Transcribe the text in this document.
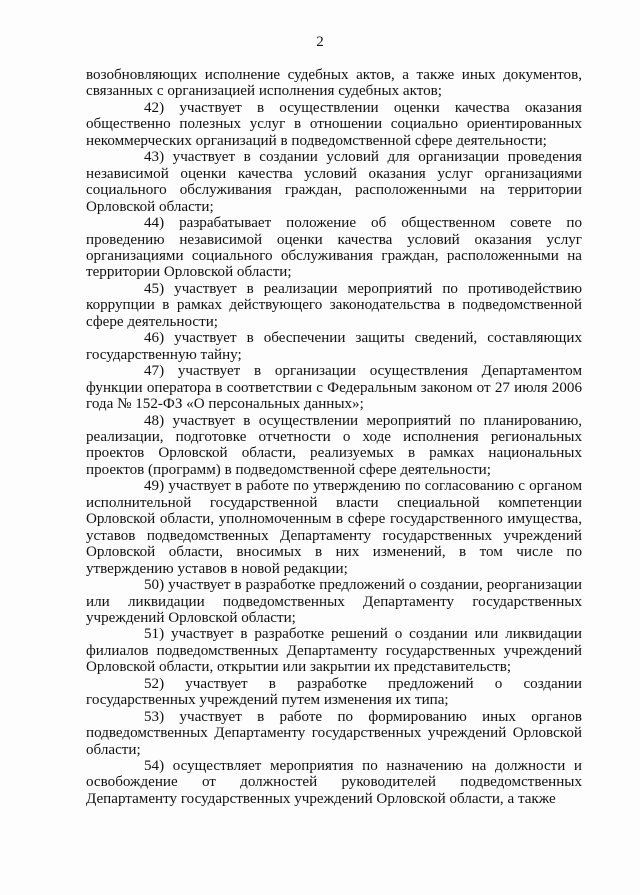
2

возобновляющих исполнение судебных актов, а также иных документов, связанных с организацией исполнения судебных актов;

42) участвует в осуществлении оценки качества оказания общественно полезных услуг в отношении социально ориентированных некоммерческих организаций в подведомственной сфере деятельности;

43) участвует в создании условий для организации проведения независимой оценки качества условий оказания услуг организациями социального обслуживания граждан, расположенными на территории Орловской области;

44) разрабатывает положение об общественном совете по проведению независимой оценки качества условий оказания услуг организациями социального обслуживания граждан, расположенными на территории Орловской области;

45) участвует в реализации мероприятий по противодействию коррупции в рамках действующего законодательства в подведомственной сфере деятельности;

46) участвует в обеспечении защиты сведений, составляющих государственную тайну;

47) участвует в организации осуществления Департаментом функции оператора в соответствии с Федеральным законом от 27 июля 2006 года № 152-ФЗ «О персональных данных»;

48) участвует в осуществлении мероприятий по планированию, реализации, подготовке отчетности о ходе исполнения региональных проектов Орловской области, реализуемых в рамках национальных проектов (программ) в подведомственной сфере деятельности;

49) участвует в работе по утверждению по согласованию с органом исполнительной государственной власти специальной компетенции Орловской области, уполномоченным в сфере государственного имущества, уставов подведомственных Департаменту государственных учреждений Орловской области, вносимых в них изменений, в том числе по утверждению уставов в новой редакции;

50) участвует в разработке предложений о создании, реорганизации или ликвидации подведомственных Департаменту государственных учреждений Орловской области;

51) участвует в разработке решений о создании или ликвидации филиалов подведомственных Департаменту государственных учреждений Орловской области, открытии или закрытии их представительств;

52) участвует в разработке предложений о создании государственных учреждений путем изменения их типа;

53) участвует в работе по формированию иных органов подведомственных Департаменту государственных учреждений Орловской области;

54) осуществляет мероприятия по назначению на должности и освобождение от должностей руководителей подведомственных Департаменту государственных учреждений Орловской области, а также
